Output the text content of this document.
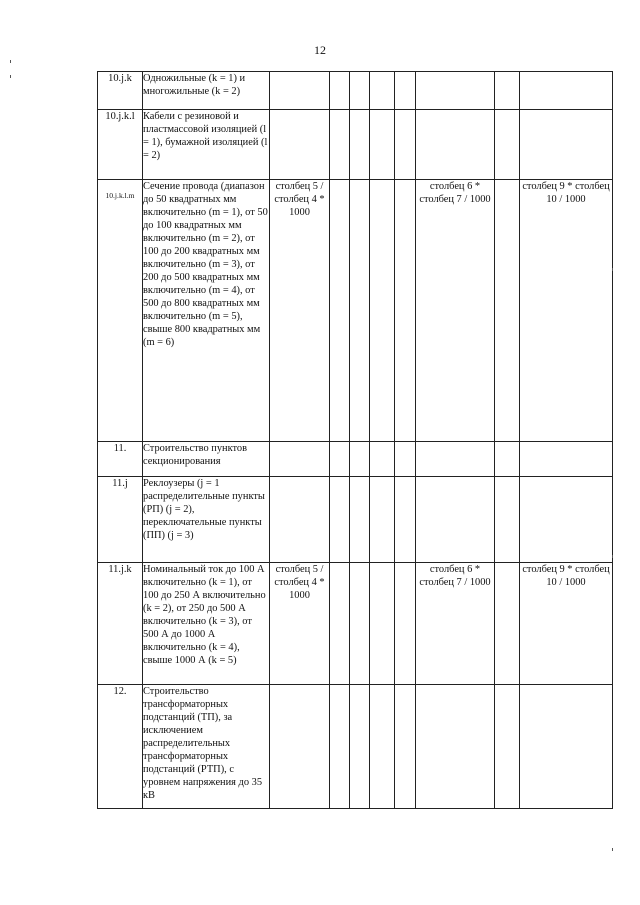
12
10.j.k	Одножильные (k = 1) и многожильные (k = 2)								
10.j.k.l	Кабели с резиновой и пластмассовой изоляцией (l = 1), бумажной изоляцией (l = 2)								
10.j.k.l.m	Сечение провода (диапазон до 50 квадратных мм включительно (m = 1), от 50 до 100 квадратных мм включительно (m = 2), от 100 до 200 квадратных мм включительно (m = 3), от 200 до 500 квадратных мм включительно (m = 4), от 500 до 800 квадратных мм включительно (m = 5), свыше 800 квадратных мм (m = 6)	столбец 5 / столбец 4 * 1000					столбец 6 * столбец 7 / 1000		столбец 9 * столбец 10 / 1000
11.	Строительство пунктов секционирования								
11.j	Реклоузеры (j = 1 распределительные пункты (РП) (j = 2), переключательные пункты (ПП) (j = 3)								
11.j.k	Номинальный ток до 100 А включительно (k = 1), от 100 до 250 А включительно (k = 2), от 250 до 500 А включительно (k = 3), от 500 А до 1000 А включительно (k = 4), свыше 1000 А (k = 5)	столбец 5 / столбец 4 * 1000					столбец 6 * столбец 7 / 1000		столбец 9 * столбец 10 / 1000
12.	Строительство трансформаторных подстанций (ТП), за исключением распределительных трансформаторных подстанций (РТП), с уровнем напряжения до 35 кВ								
